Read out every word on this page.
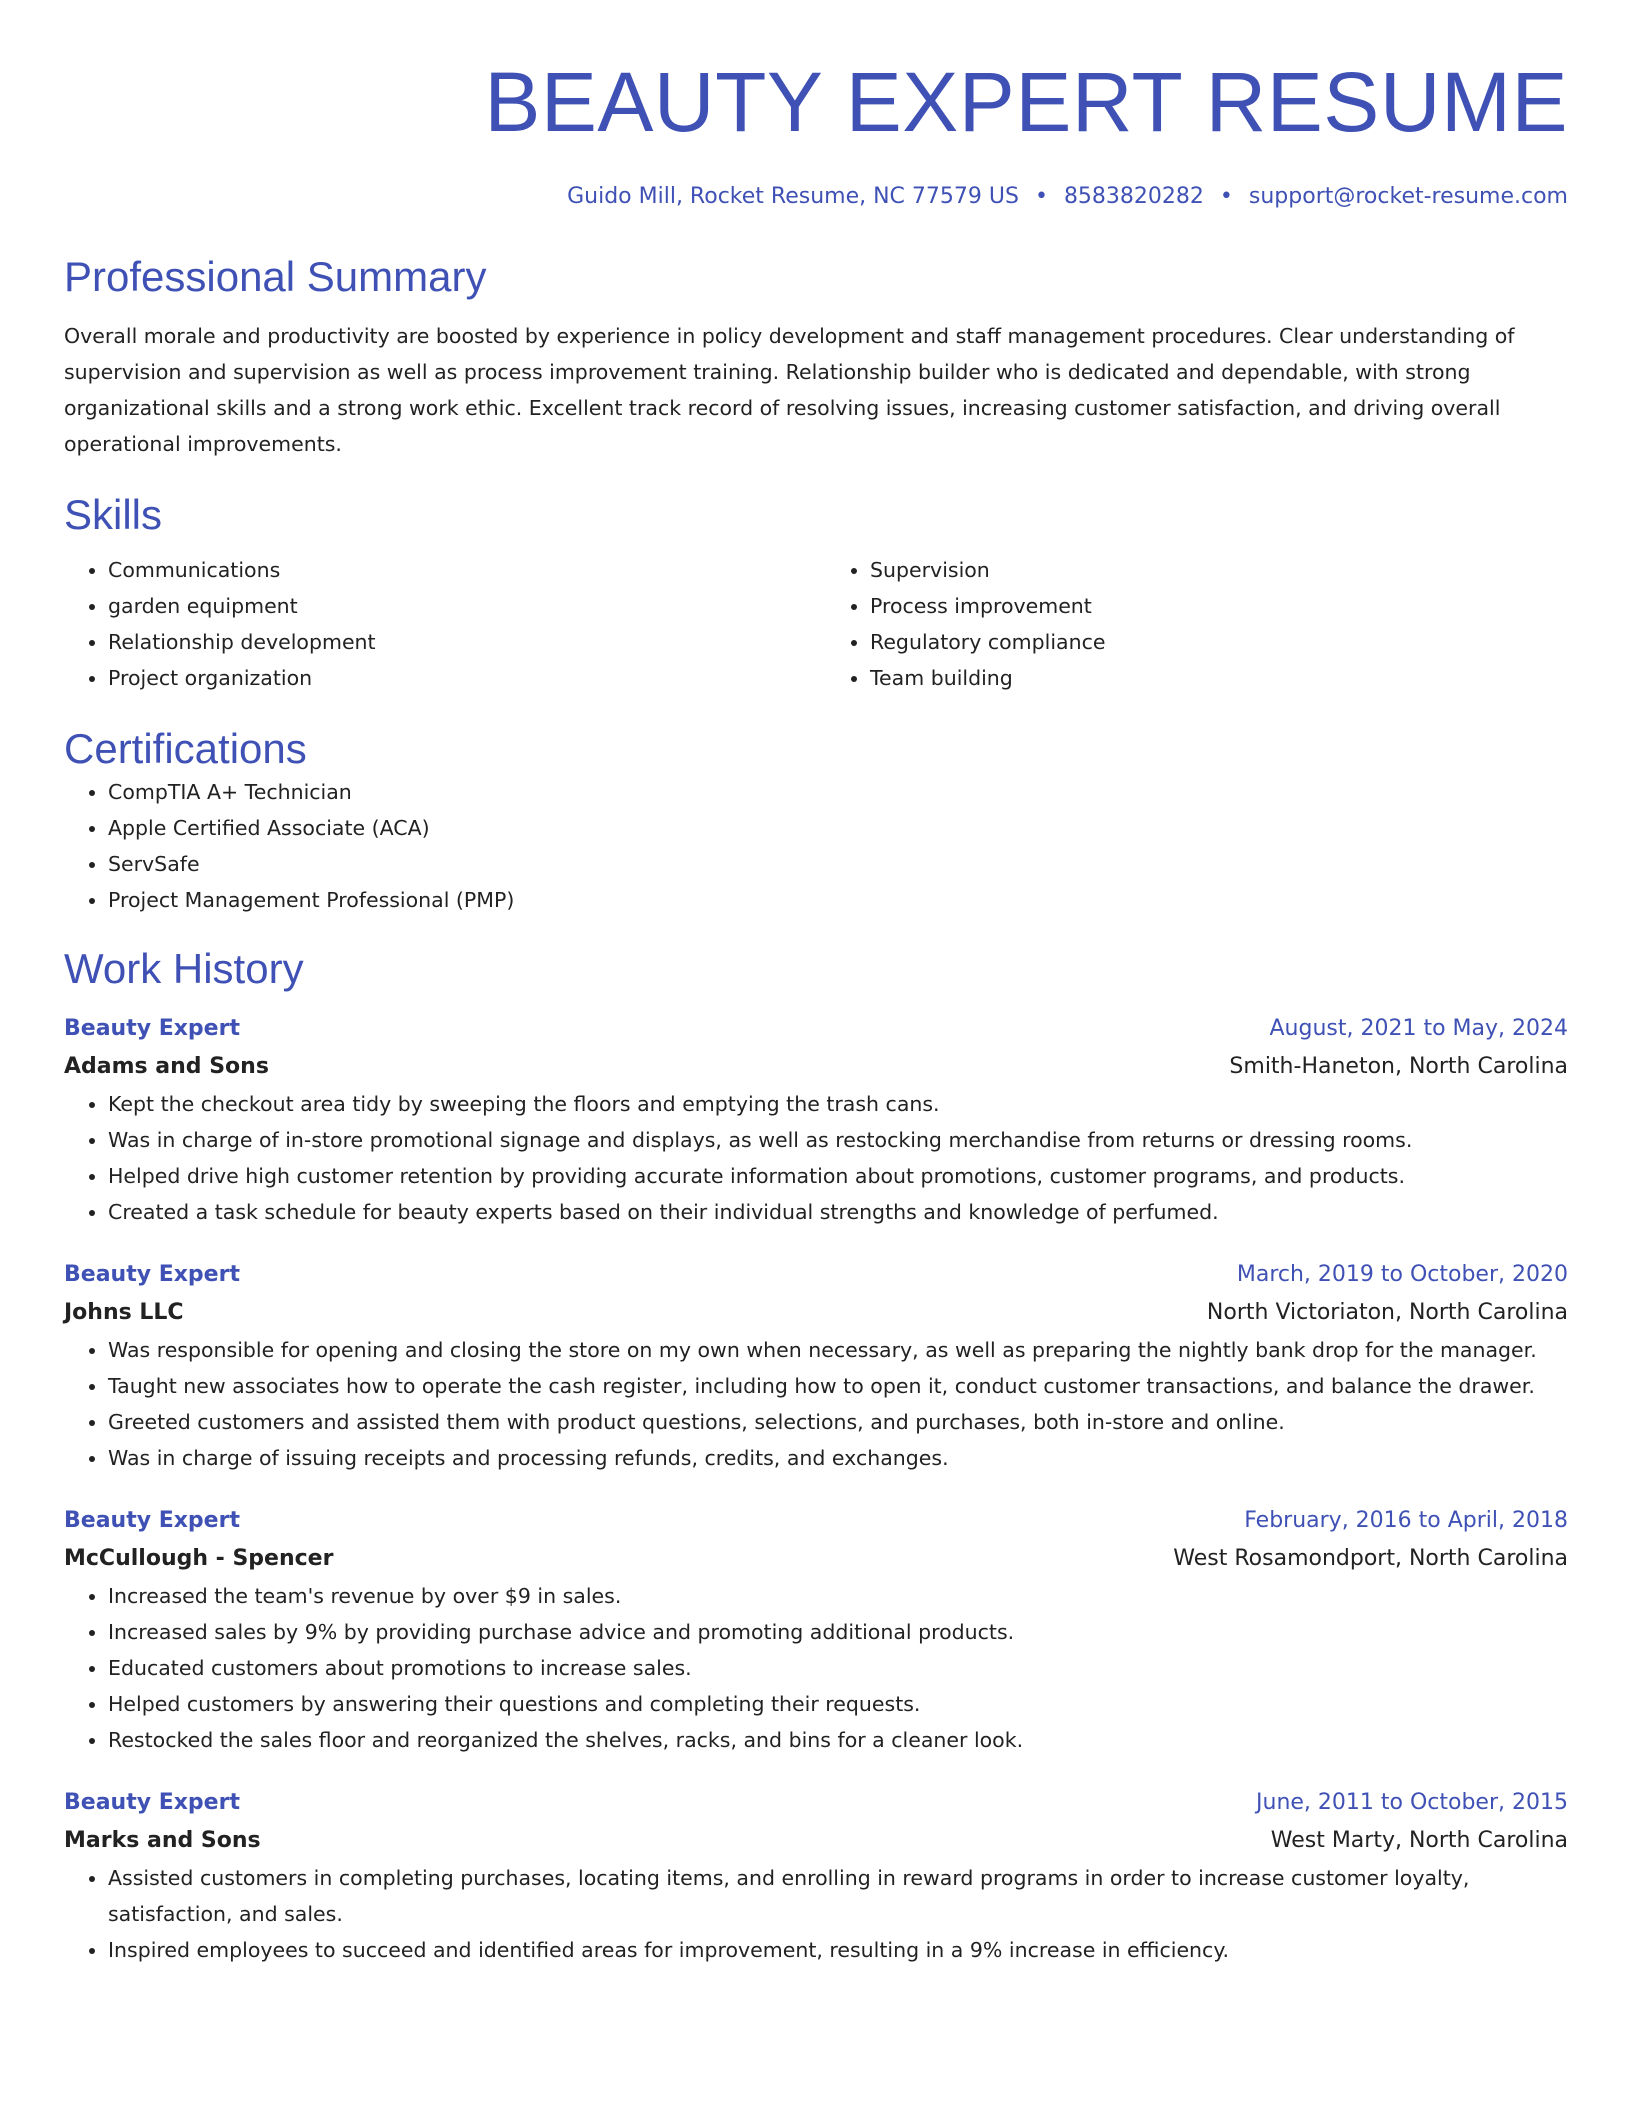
BEAUTY EXPERT RESUME
Guido Mill, Rocket Resume, NC 77579 US • 8583820282 • support@rocket-resume.com
Professional Summary

Overall morale and productivity are boosted by experience in policy development and staff management procedures. Clear understanding of supervision and supervision as well as process improvement training. Relationship builder who is dedicated and dependable, with strong organizational skills and a strong work ethic. Excellent track record of resolving issues, increasing customer satisfaction, and driving overall operational improvements.

Skills
• Communications
• garden equipment
• Relationship development
• Project organization
• Supervision
• Process improvement
• Regulatory compliance
• Team building
Certifications
• CompTIA A+ Technician
• Apple Certified Associate (ACA)
• ServSafe
• Project Management Professional (PMP)
Work History
Beauty Expert	August, 2021 to May, 2024
Adams and Sons	Smith-Haneton, North Carolina
• Kept the checkout area tidy by sweeping the floors and emptying the trash cans.
• Was in charge of in-store promotional signage and displays, as well as restocking merchandise from returns or dressing rooms.
• Helped drive high customer retention by providing accurate information about promotions, customer programs, and products.
• Created a task schedule for beauty experts based on their individual strengths and knowledge of perfumed.
Beauty Expert	March, 2019 to October, 2020
Johns LLC	North Victoriaton, North Carolina
• Was responsible for opening and closing the store on my own when necessary, as well as preparing the nightly bank drop for the manager.
• Taught new associates how to operate the cash register, including how to open it, conduct customer transactions, and balance the drawer.
• Greeted customers and assisted them with product questions, selections, and purchases, both in-store and online.
• Was in charge of issuing receipts and processing refunds, credits, and exchanges.
Beauty Expert	February, 2016 to April, 2018
McCullough - Spencer	West Rosamondport, North Carolina
• Increased the team's revenue by over $9 in sales.
• Increased sales by 9% by providing purchase advice and promoting additional products.
• Educated customers about promotions to increase sales.
• Helped customers by answering their questions and completing their requests.
• Restocked the sales floor and reorganized the shelves, racks, and bins for a cleaner look.
Beauty Expert	June, 2011 to October, 2015
Marks and Sons	West Marty, North Carolina
• Assisted customers in completing purchases, locating items, and enrolling in reward programs in order to increase customer loyalty, satisfaction, and sales.
• Inspired employees to succeed and identified areas for improvement, resulting in a 9% increase in efficiency.
